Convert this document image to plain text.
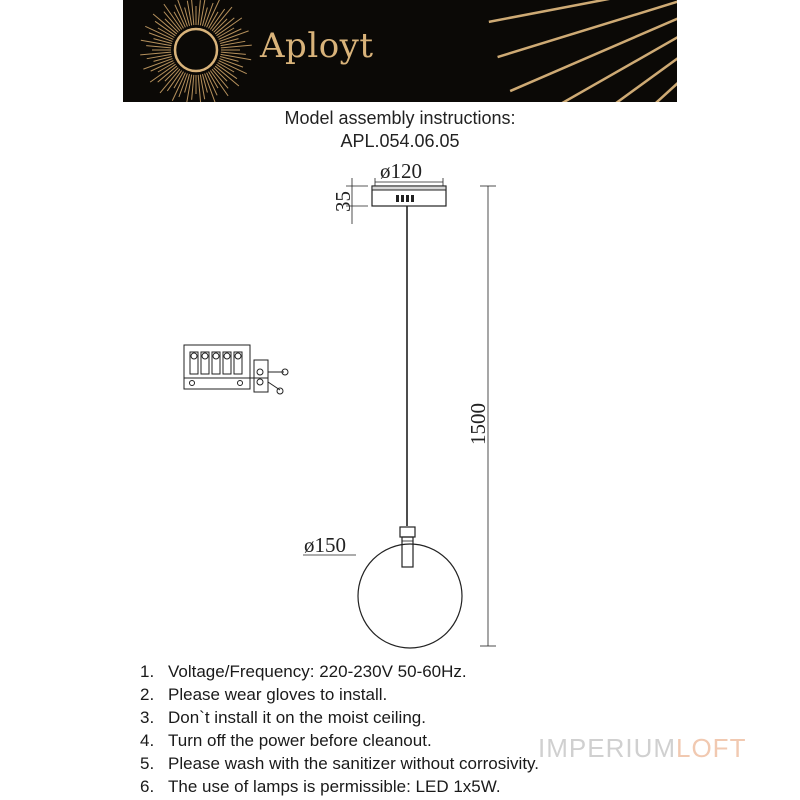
Aployt
Model assembly instructions:
APL.054.06.05
ø120
35
ø150
1500
1. Voltage/Frequency: 220-230V 50-60Hz.
2. Please wear gloves to install.
3. Don`t install it on the moist ceiling.
4. Turn off the power before cleanout.
5. Please wash with the sanitizer without corrosivity.
6. The use of lamps is permissible: LED 1x5W.
IMPERIUMLOFT
